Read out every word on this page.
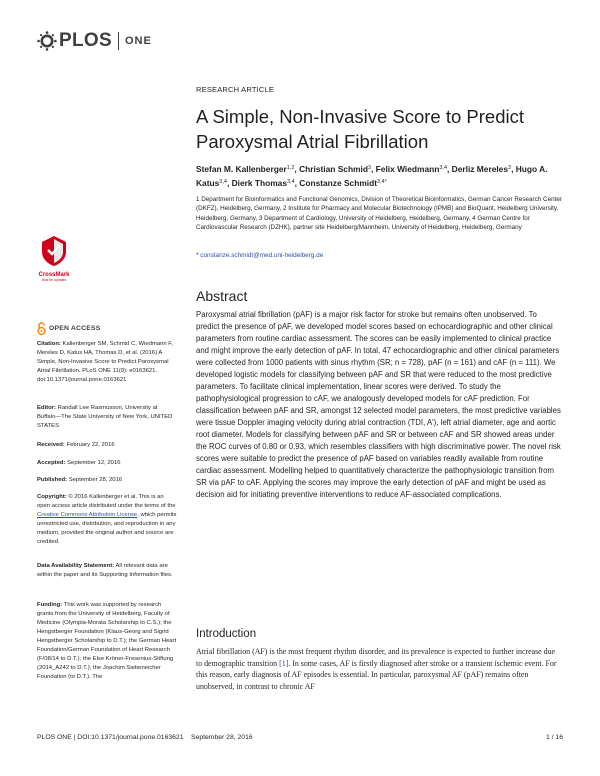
PLOS ONE
RESEARCH ARTICLE
A Simple, Non-Invasive Score to Predict Paroxysmal Atrial Fibrillation
Stefan M. Kallenberger$^{1,2}$, Christian Schmid$^3$, Felix Wiedmann$^{3,4}$, Derliz Mereles$^3$, Hugo A. Katus$^{3,4}$, Dierk Thomas$^{3,4}$, Constanze Schmidt$^{3,4*}$
1 Department for Bioinformatics and Functional Genomics, Division of Theoretical Bioinformatics, German Cancer Research Center (DKFZ), Heidelberg, Germany, 2 Institute for Pharmacy and Molecular Biotechnology (IPMB) and BioQuant, Heidelberg University, Heidelberg, Germany, 3 Department of Cardiology, University of Heidelberg, Heidelberg, Germany, 4 German Centre for Cardiovascular Research (DZHK), partner site Heidelberg/Mannheim, University of Heidelberg, Heidelberg, Germany
* constanze.schmidt@med.uni-heidelberg.de
Abstract
Paroxysmal atrial fibrillation (pAF) is a major risk factor for stroke but remains often unobserved. To predict the presence of pAF, we developed model scores based on echocardiographic and other clinical parameters from routine cardiac assessment. The scores can be easily implemented to clinical practice and might improve the early detection of pAF. In total, 47 echocardiographic and other clinical parameters were collected from 1000 patients with sinus rhythm (SR; n = 728), pAF (n = 161) and cAF (n = 111). We developed logistic models for classifying between pAF and SR that were reduced to the most predictive parameters. To facilitate clinical implementation, linear scores were derived. To study the pathophysiological progression to cAF, we analogously developed models for cAF prediction. For classification between pAF and SR, amongst 12 selected model parameters, the most predictive variables were tissue Doppler imaging velocity during atrial contraction (TDI, A'), left atrial diameter, age and aortic root diameter. Models for classifying between pAF and SR or between cAF and SR showed areas under the ROC curves of 0.80 or 0.93, which resembles classifiers with high discriminative power. The novel risk scores were suitable to predict the presence of pAF based on variables readily available from routine cardiac assessment. Modelling helped to quantitatively characterize the pathophysiologic transition from SR via pAF to cAF. Applying the scores may improve the early detection of pAF and might be used as decision aid for initiating preventive interventions to reduce AF-associated complications.
Introduction
Atrial fibrillation (AF) is the most frequent rhythm disorder, and its prevalence is expected to further increase due to demographic transition [1]. In some cases, AF is firstly diagnosed after stroke or a transient ischemic event. For this reason, early diagnosis of AF episodes is essential. In particular, paroxysmal AF (pAF) remains often unobserved, in contrast to chronic AF
CrossMark
click for updates
OPEN ACCESS
Citation: Kallenberger SM, Schmid C, Wiedmann F, Mereles D, Katus HA, Thomas D, et al. (2016) A Simple, Non-Invasive Score to Predict Paroxysmal Atrial Fibrillation. PLoS ONE 11(9): e0163621. doi:10.1371/journal.pone.0163621
Editor: Randall Lee Rasmusson, University at Buffalo—The State University of New York, UNITED STATES
Received: February 22, 2016
Accepted: September 12, 2016
Published: September 28, 2016
Copyright: © 2016 Kallenberger et al. This is an open access article distributed under the terms of the Creative Commons Attribution License, which permits unrestricted use, distribution, and reproduction in any medium, provided the original author and source are credited.
Data Availability Statement: All relevant data are within the paper and its Supporting Information files.
Funding: This work was supported by research grants from the University of Heidelberg, Faculty of Medicine (Olympia-Morata Scholarship to C.S.); the Hengstberger Foundation (Klaus-Georg and Sigrid Hengstberger Scholarship to D.T.); the German Heart Foundation/German Foundation of Heart Research (F/08/14 to D.T.); the Else Kröner-Fresenius-Stiftung (2014_A242 to D.T.); the Joachim Siebeneicher Foundation (to D.T.). The
PLOS ONE | DOI:10.1371/journal.pone.0163621    September 28, 2016	1 / 16
